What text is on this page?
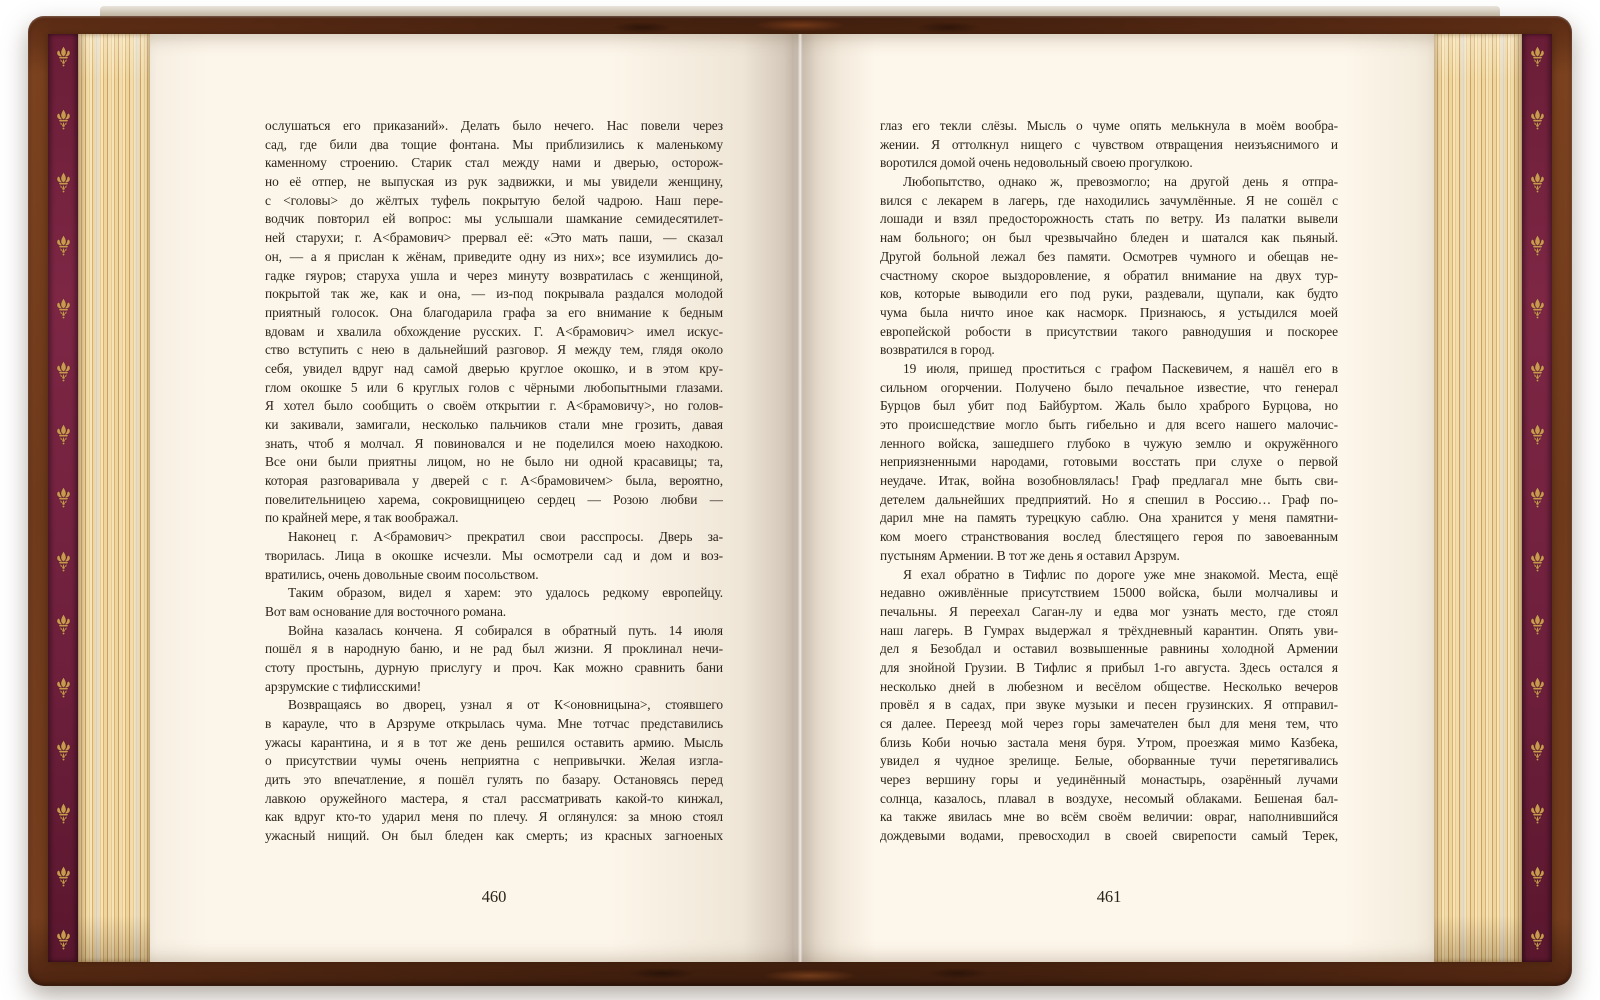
ослушаться его приказаний». Делать было нечего. Нас повели через
сад, где били два тощие фонтана. Мы приблизились к маленькому
каменному строению. Старик стал между нами и дверью, осторож-
но её отпер, не выпуская из рук задвижки, и мы увидели женщину,
с <головы> до жёлтых туфель покрытую белой чадрою. Наш пере-
водчик повторил ей вопрос: мы услышали шамкание семидесятилет-
ней старухи; г. А<брамович> прервал её: «Это мать паши, — сказал
он, — а я прислан к жёнам, приведите одну из них»; все изумились до-
гадке гяуров; старуха ушла и через минуту возвратилась с женщиной,
покрытой так же, как и она, — из-под покрывала раздался молодой
приятный голосок. Она благодарила графа за его внимание к бедным
вдовам и хвалила обхождение русских. Г. А<брамович> имел искус-
ство вступить с нею в дальнейший разговор. Я между тем, глядя около
себя, увидел вдруг над самой дверью круглое окошко, и в этом кру-
глом окошке 5 или 6 круглых голов с чёрными любопытными глазами.
Я хотел было сообщить о своём открытии г. А<брамовичу>, но голов-
ки закивали, замигали, несколько пальчиков стали мне грозить, давая
знать, чтоб я молчал. Я повиновался и не поделился моею находкою.
Все они были приятны лицом, но не было ни одной красавицы; та,
которая разговаривала у дверей с г. А<брамовичем> была, вероятно,
повелительницею харема, сокровищницею сердец — Розою любви —
по крайней мере, я так воображал.
Наконец г. А<брамович> прекратил свои расспросы. Дверь за-
творилась. Лица в окошке исчезли. Мы осмотрели сад и дом и воз-
вратились, очень довольные своим посольством.
Таким образом, видел я харем: это удалось редкому европейцу.
Вот вам основание для восточного романа.
Война казалась кончена. Я собирался в обратный путь. 14 июля
пошёл я в народную баню, и не рад был жизни. Я проклинал нечи-
стоту простынь, дурную прислугу и проч. Как можно сравнить бани
арзрумские с тифлисскими!
Возвращаясь во дворец, узнал я от К<оновницына>, стоявшего
в карауле, что в Арзруме открылась чума. Мне тотчас представились
ужасы карантина, и я в тот же день решился оставить армию. Мысль
о присутствии чумы очень неприятна с непривычки. Желая изгла-
дить это впечатление, я пошёл гулять по базару. Остановясь перед
лавкою оружейного мастера, я стал рассматривать какой-то кинжал,
как вдруг кто-то ударил меня по плечу. Я оглянулся: за мною стоял
ужасный нищий. Он был бледен как смерть; из красных загноеных
460
глаз его текли слёзы. Мысль о чуме опять мелькнула в моём вообра-
жении. Я оттолкнул нищего с чувством отвращения неизъяснимого и
воротился домой очень недовольный своею прогулкою.
Любопытство, однако ж, превозмогло; на другой день я отпра-
вился с лекарем в лагерь, где находились зачумлённые. Я не сошёл с
лошади и взял предосторожность стать по ветру. Из палатки вывели
нам больного; он был чрезвычайно бледен и шатался как пьяный.
Другой больной лежал без памяти. Осмотрев чумного и обещав не-
счастному скорое выздоровление, я обратил внимание на двух тур-
ков, которые выводили его под руки, раздевали, щупали, как будто
чума была ничто иное как насморк. Признаюсь, я устыдился моей
европейской робости в присутствии такого равнодушия и поскорее
возвратился в город.
19 июля, пришед проститься с графом Паскевичем, я нашёл его в
сильном огорчении. Получено было печальное известие, что генерал
Бурцов был убит под Байбуртом. Жаль было храброго Бурцова, но
это происшедствие могло быть гибельно и для всего нашего малочис-
ленного войска, зашедшего глубоко в чужую землю и окружённого
неприязненными народами, готовыми восстать при слухе о первой
неудаче. Итак, война возобновлялась! Граф предлагал мне быть сви-
детелем дальнейших предприятий. Но я спешил в Россию… Граф по-
дарил мне на память турецкую саблю. Она хранится у меня памятни-
ком моего странствования вослед блестящего героя по завоеванным
пустыням Армении. В тот же день я оставил Арзрум.
Я ехал обратно в Тифлис по дороге уже мне знакомой. Места, ещё
недавно оживлённые присутствием 15000 войска, были молчаливы и
печальны. Я переехал Саган-лу и едва мог узнать место, где стоял
наш лагерь. В Гумрах выдержал я трёхдневный карантин. Опять уви-
дел я Безобдал и оставил возвышенные равнины холодной Армении
для знойной Грузии. В Тифлис я прибыл 1-го августа. Здесь остался я
несколько дней в любезном и весёлом обществе. Несколько вечеров
провёл я в садах, при звуке музыки и песен грузинских. Я отправил-
ся далее. Переезд мой через горы замечателен был для меня тем, что
близь Коби ночью застала меня буря. Утром, проезжая мимо Казбека,
увидел я чудное зрелище. Белые, оборванные тучи перетягивались
через вершину горы и уединённый монастырь, озарённый лучами
солнца, казалось, плавал в воздухе, несомый облаками. Бешеная бал-
ка также явилась мне во всём своём величии: овраг, наполнившийся
дождевыми водами, превосходил в своей свирепости самый Терек,
461
